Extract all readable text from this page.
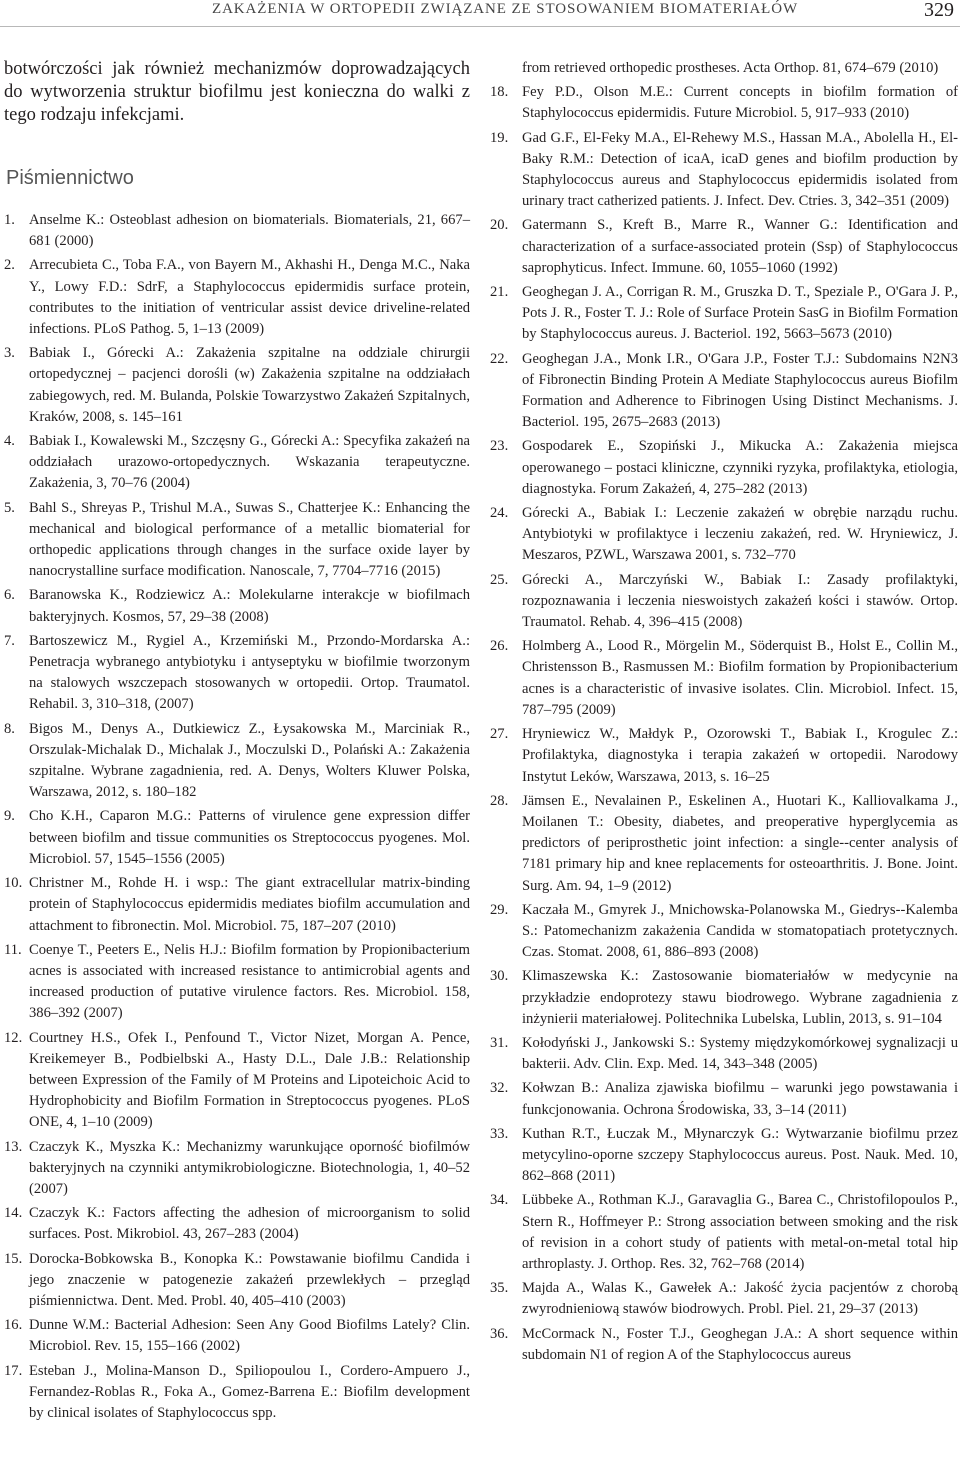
ZAKAŻENIA W ORTOPEDII ZWIĄZANE ZE STOSOWANIEM BIOMATERIAŁÓW	329

botwórczości jak również mechanizmów doprowadzających do wytworzenia struktur biofilmu jest konieczna do walki z tego rodzaju infekcjami.

Piśmiennictwo
1. Anselme K.: Osteoblast adhesion on biomaterials. Biomaterials, 21, 667–681 (2000)
2. Arrecubieta C., Toba F.A., von Bayern M., Akhashi H., Denga M.C., Naka Y., Lowy F.D.: SdrF, a Staphylococcus epidermidis surface protein, contributes to the initiation of ventricular assist device driveline-related infections. PLoS Pathog. 5, 1–13 (2009)
3. Babiak I., Górecki A.: Zakażenia szpitalne na oddziale chirurgii ortopedycznej – pacjenci dorośli (w) Zakażenia szpitalne na oddziałach zabiegowych, red. M. Bulanda, Polskie Towarzystwo Zakażeń Szpitalnych, Kraków, 2008, s. 145–161
4. Babiak I., Kowalewski M., Szczęsny G., Górecki A.: Specyfika zakażeń na oddziałach urazowo-ortopedycznych. Wskazania terapeutyczne. Zakażenia, 3, 70–76 (2004)
5. Bahl S., Shreyas P., Trishul M.A., Suwas S., Chatterjee K.: Enhancing the mechanical and biological performance of a metallic biomaterial for orthopedic applications through changes in the surface oxide layer by nanocrystalline surface modification. Nanoscale, 7, 7704–7716 (2015)
6. Baranowska K., Rodziewicz A.: Molekularne interakcje w biofilmach bakteryjnych. Kosmos, 57, 29–38 (2008)
7. Bartoszewicz M., Rygiel A., Krzemiński M., Przondo-Mordarska A.: Penetracja wybranego antybiotyku i antyseptyku w biofilmie tworzonym na stalowych wszczepach stosowanych w ortopedii. Ortop. Traumatol. Rehabil. 3, 310–318, (2007)
8. Bigos M., Denys A., Dutkiewicz Z., Łysakowska M., Marciniak R., Orszulak-Michalak D., Michalak J., Moczulski D., Polański A.: Zakażenia szpitalne. Wybrane zagadnienia, red. A. Denys, Wolters Kluwer Polska, Warszawa, 2012, s. 180–182
9. Cho K.H., Caparon M.G.: Patterns of virulence gene expression differ between biofilm and tissue communities os Streptococcus pyogenes. Mol. Microbiol. 57, 1545–1556 (2005)
10. Christner M., Rohde H. i wsp.: The giant extracellular matrix-binding protein of Staphylococcus epidermidis mediates biofilm accumulation and attachment to fibronectin. Mol. Microbiol. 75, 187–207 (2010)
11. Coenye T., Peeters E., Nelis H.J.: Biofilm formation by Propionibacterium acnes is associated with increased resistance to antimicrobial agents and increased production of putative virulence factors. Res. Microbiol. 158, 386–392 (2007)
12. Courtney H.S., Ofek I., Penfound T., Victor Nizet, Morgan A. Pence, Kreikemeyer B., Podbielbski A., Hasty D.L., Dale J.B.: Relationship between Expression of the Family of M Proteins and Lipoteichoic Acid to Hydrophobicity and Biofilm Formation in Streptococcus pyogenes. PLoS ONE, 4, 1–10 (2009)
13. Czaczyk K., Myszka K.: Mechanizmy warunkujące oporność biofilmów bakteryjnych na czynniki antymikrobiologiczne. Biotechnologia, 1, 40–52 (2007)
14. Czaczyk K.: Factors affecting the adhesion of microorganism to solid surfaces. Post. Mikrobiol. 43, 267–283 (2004)
15. Dorocka-Bobkowska B., Konopka K.: Powstawanie biofilmu Candida i jego znaczenie w patogenezie zakażeń przewlekłych – przegląd piśmiennictwa. Dent. Med. Probl. 40, 405–410 (2003)
16. Dunne W.M.: Bacterial Adhesion: Seen Any Good Biofilms Lately? Clin. Microbiol. Rev. 15, 155–166 (2002)
17. Esteban J., Molina-Manson D., Spiliopoulou I., Cordero-Ampuero J., Fernandez-Roblas R., Foka A., Gomez-Barrena E.: Biofilm development by clinical isolates of Staphylococcus spp.
from retrieved orthopedic prostheses. Acta Orthop. 81, 674–679 (2010)
18. Fey P.D., Olson M.E.: Current concepts in biofilm formation of Staphylococcus epidermidis. Future Microbiol. 5, 917–933 (2010)
19. Gad G.F., El-Feky M.A., El-Rehewy M.S., Hassan M.A., Abolella H., El-Baky R.M.: Detection of icaA, icaD genes and biofilm production by Staphylococcus aureus and Staphylococcus epidermidis isolated from urinary tract catherized patients. J. Infect. Dev. Ctries. 3, 342–351 (2009)
20. Gatermann S., Kreft B., Marre R., Wanner G.: Identification and characterization of a surface-associated protein (Ssp) of Staphylococcus saprophyticus. Infect. Immune. 60, 1055–1060 (1992)
21. Geoghegan J. A., Corrigan R. M., Gruszka D. T., Speziale P., O'Gara J. P., Pots J. R., Foster T. J.: Role of Surface Protein SasG in Biofilm Formation by Staphylococcus aureus. J. Bacteriol. 192, 5663–5673 (2010)
22. Geoghegan J.A., Monk I.R., O'Gara J.P., Foster T.J.: Subdomains N2N3 of Fibronectin Binding Protein A Mediate Staphylococcus aureus Biofilm Formation and Adherence to Fibrinogen Using Distinct Mechanisms. J. Bacteriol. 195, 2675–2683 (2013)
23. Gospodarek E., Szopiński J., Mikucka A.: Zakażenia miejsca operowanego – postaci kliniczne, czynniki ryzyka, profilaktyka, etiologia, diagnostyka. Forum Zakażeń, 4, 275–282 (2013)
24. Górecki A., Babiak I.: Leczenie zakażeń w obrębie narządu ruchu. Antybiotyki w profilaktyce i leczeniu zakażeń, red. W. Hryniewicz, J. Meszaros, PZWL, Warszawa 2001, s. 732–770
25. Górecki A., Marczyński W., Babiak I.: Zasady profilaktyki, rozpoznawania i leczenia nieswoistych zakażeń kości i stawów. Ortop. Traumatol. Rehab. 4, 396–415 (2008)
26. Holmberg A., Lood R., Mörgelin M., Söderquist B., Holst E., Collin M., Christensson B., Rasmussen M.: Biofilm formation by Propionibacterium acnes is a characteristic of invasive isolates. Clin. Microbiol. Infect. 15, 787–795 (2009)
27. Hryniewicz W., Małdyk P., Ozorowski T., Babiak I., Krogulec Z.: Profilaktyka, diagnostyka i terapia zakażeń w ortopedii. Narodowy Instytut Leków, Warszawa, 2013, s. 16–25
28. Jämsen E., Nevalainen P., Eskelinen A., Huotari K., Kalliovalkama J., Moilanen T.: Obesity, diabetes, and preoperative hyperglycemia as predictors of periprosthetic joint infection: a single--center analysis of 7181 primary hip and knee replacements for osteoarthritis. J. Bone. Joint. Surg. Am. 94, 1–9 (2012)
29. Kaczała M., Gmyrek J., Mnichowska-Polanowska M., Giedrys--Kalemba S.: Patomechanizm zakażenia Candida w stomatopatiach protetycznych. Czas. Stomat. 2008, 61, 886–893 (2008)
30. Klimaszewska K.: Zastosowanie biomateriałów w medycynie na przykładzie endoprotezy stawu biodrowego. Wybrane zagadnienia z inżynierii materiałowej. Politechnika Lubelska, Lublin, 2013, s. 91–104
31. Kołodyński J., Jankowski S.: Systemy międzykomórkowej sygnalizacji u bakterii. Adv. Clin. Exp. Med. 14, 343–348 (2005)
32. Kołwzan B.: Analiza zjawiska biofilmu – warunki jego powstawania i funkcjonowania. Ochrona Środowiska, 33, 3–14 (2011)
33. Kuthan R.T., Łuczak M., Młynarczyk G.: Wytwarzanie biofilmu przez metycylino-oporne szczepy Staphylococcus aureus. Post. Nauk. Med. 10, 862–868 (2011)
34. Lübbeke A., Rothman K.J., Garavaglia G., Barea C., Christofilopoulos P., Stern R., Hoffmeyer P.: Strong association between smoking and the risk of revision in a cohort study of patients with metal-on-metal total hip arthroplasty. J. Orthop. Res. 32, 762–768 (2014)
35. Majda A., Walas K., Gawełek A.: Jakość życia pacjentów z chorobą zwyrodnieniową stawów biodrowych. Probl. Piel. 21, 29–37 (2013)
36. McCormack N., Foster T.J., Geoghegan J.A.: A short sequence within subdomain N1 of region A of the Staphylococcus aureus
